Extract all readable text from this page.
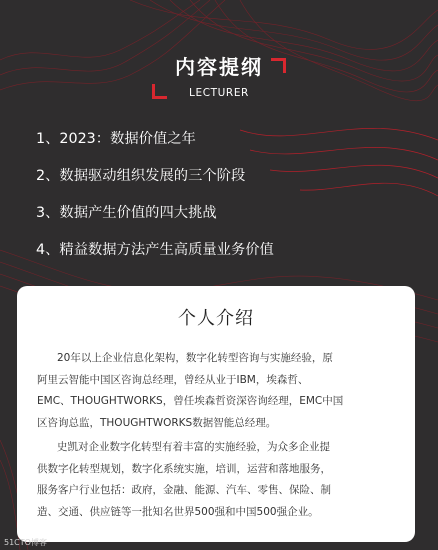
内容提纲
LECTURER
1、2023：数据价值之年
2、数据驱动组织发展的三个阶段
3、数据产生价值的四大挑战
4、精益数据方法产生高质量业务价值
个人介绍

20年以上企业信息化架构，数字化转型咨询与实施经验，原
阿里云智能中国区咨询总经理，曾经从业于IBM，埃森哲、
EMC、THOUGHTWORKS，曾任埃森哲资深咨询经理，EMC中国
区咨询总监，THOUGHTWORKS数据智能总经理。

史凯对企业数字化转型有着丰富的实施经验，为众多企业提
供数字化转型规划，数字化系统实施，培训，运营和落地服务，
服务客户行业包括：政府，金融、能源、汽车、零售、保险、制
造、交通、供应链等一批知名世界500强和中国500强企业。

51CTO博客
